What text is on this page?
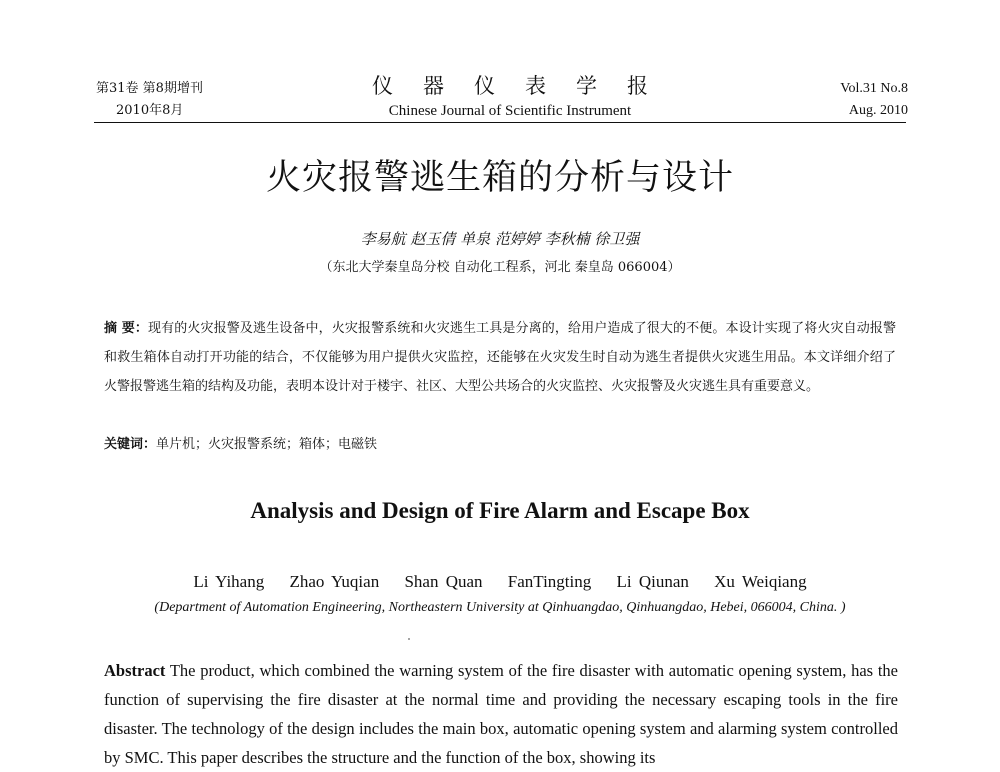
第31卷 第8期增刊
2010年8月
仪器仪表学报
Chinese Journal of Scientific Instrument
Vol.31 No.8
Aug. 2010
火灾报警逃生箱的分析与设计
李易航 赵玉倩 单泉 范婷婷 李秋楠 徐卫强
（东北大学秦皇岛分校 自动化工程系，河北 秦皇岛 066004）
摘 要：现有的火灾报警及逃生设备中，火灾报警系统和火灾逃生工具是分离的，给用户造成了很大的不便。本设计实现了将火灾自动报警和救生箱体自动打开功能的结合，不仅能够为用户提供火灾监控，还能够在火灾发生时自动为逃生者提供火灾逃生用品。本文详细介绍了火警报警逃生箱的结构及功能，表明本设计对于楼宇、社区、大型公共场合的火灾监控、火灾报警及火灾逃生具有重要意义。
关键词：单片机；火灾报警系统；箱体；电磁铁
Analysis and Design of Fire Alarm and Escape Box
Li Yihang Zhao Yuqian Shan Quan FanTingting Li Qiunan Xu Weiqiang
(Department of Automation Engineering, Northeastern University at Qinhuangdao, Qinhuangdao, Hebei, 066004, China. )
Abstract The product, which combined the warning system of the fire disaster with automatic opening system, has the function of supervising the fire disaster at the normal time and providing the necessary escaping tools in the fire disaster. The technology of the design includes the main box, automatic opening system and alarming system controlled by SMC. This paper describes the structure and the function of the box, showing its
